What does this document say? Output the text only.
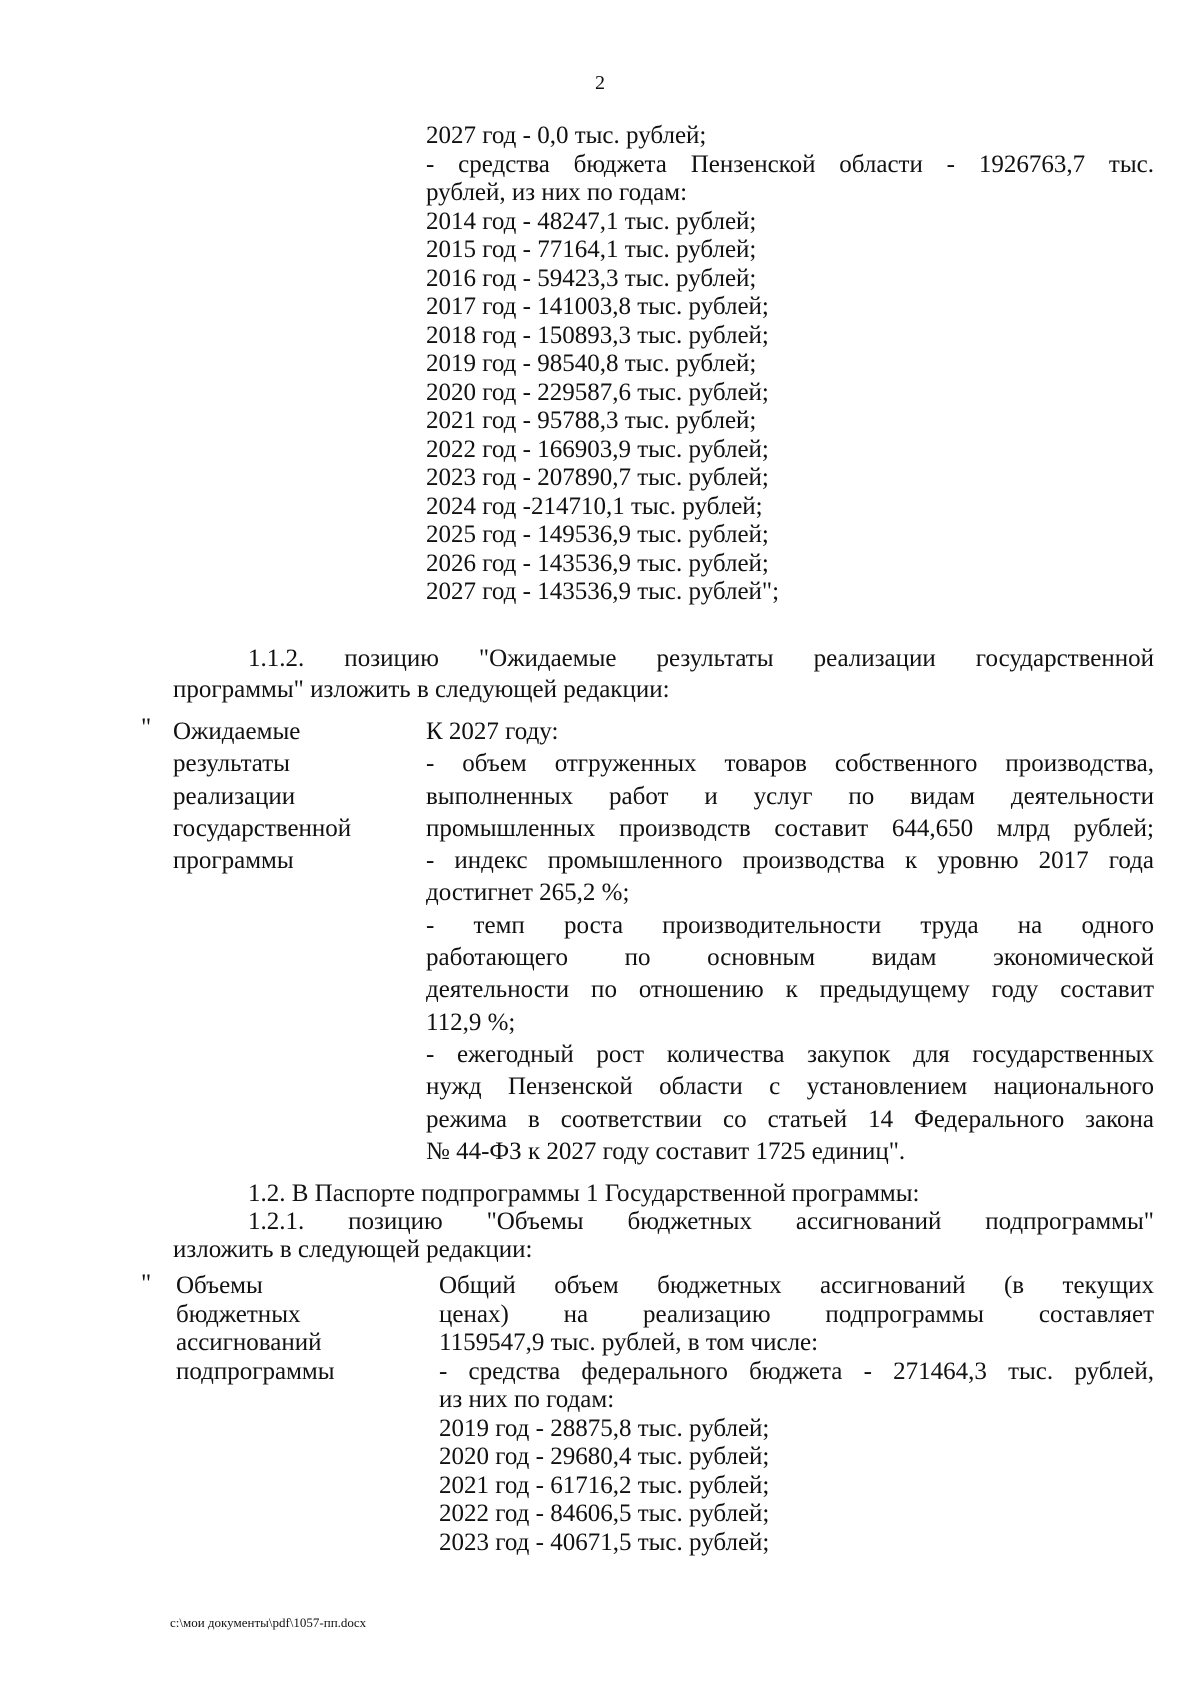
2
2027 год - 0,0 тыс. рублей;
- средства бюджета Пензенской области - 1926763,7 тыс.
рублей, из них по годам:
2014 год - 48247,1 тыс. рублей;
2015 год - 77164,1 тыс. рублей;
2016 год - 59423,3 тыс. рублей;
2017 год - 141003,8 тыс. рублей;
2018 год - 150893,3 тыс. рублей;
2019 год - 98540,8 тыс. рублей;
2020 год - 229587,6 тыс. рублей;
2021 год - 95788,3 тыс. рублей;
2022 год - 166903,9 тыс. рублей;
2023 год - 207890,7 тыс. рублей;
2024 год -214710,1 тыс. рублей;
2025 год - 149536,9 тыс. рублей;
2026 год - 143536,9 тыс. рублей;
2027 год - 143536,9 тыс. рублей";
1.1.2. позицию "Ожидаемые результаты реализации государственной
программы" изложить в следующей редакции:
" Ожидаемые
результаты
реализации
государственной
программы
К 2027 году:
- объем отгруженных товаров собственного производства,
выполненных работ и услуг по видам деятельности
промышленных производств составит 644,650 млрд рублей;
- индекс промышленного производства к уровню 2017 года
достигнет 265,2 %;
- темп роста производительности труда на одного
работающего по основным видам экономической
деятельности по отношению к предыдущему году составит
112,9 %;
- ежегодный рост количества закупок для государственных
нужд Пензенской области с установлением национального
режима в соответствии со статьей 14 Федерального закона
№ 44-ФЗ к 2027 году составит 1725 единиц".
1.2. В Паспорте подпрограммы 1 Государственной программы:
1.2.1. позицию "Объемы бюджетных ассигнований подпрограммы"
изложить в следующей редакции:
" Объемы
бюджетных
ассигнований
подпрограммы
Общий объем бюджетных ассигнований (в текущих
ценах) на реализацию подпрограммы составляет
1159547,9 тыс. рублей, в том числе:
- средства федерального бюджета - 271464,3 тыс. рублей,
из них по годам:
2019 год - 28875,8 тыс. рублей;
2020 год - 29680,4 тыс. рублей;
2021 год - 61716,2 тыс. рублей;
2022 год - 84606,5 тыс. рублей;
2023 год - 40671,5 тыс. рублей;
c:\мои документы\pdf\1057-пп.docx
